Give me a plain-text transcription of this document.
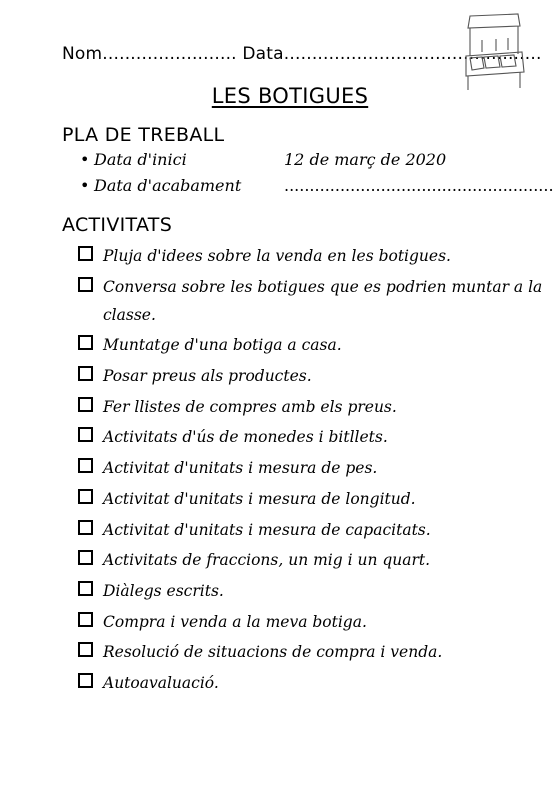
Nom........................ Data..............................................
LES BOTIGUES
PLA DE TREBALL
• Data d'inici	12 de març de 2020
• Data d'acabament	.....................................................
ACTIVITATS
Pluja d'idees sobre la venda en les botigues.
Conversa sobre les botigues que es podrien muntar a la classe.
Muntatge d'una botiga a casa.
Posar preus als productes.
Fer llistes de compres amb els preus.
Activitats d'ús de monedes i bitllets.
Activitat d'unitats i mesura de pes.
Activitat d'unitats i mesura de longitud.
Activitat d'unitats i mesura de capacitats.
Activitats de fraccions, un mig i un quart.
Diàlegs escrits.
Compra i venda a la meva botiga.
Resolució de situacions de compra i venda.
Autoavaluació.
